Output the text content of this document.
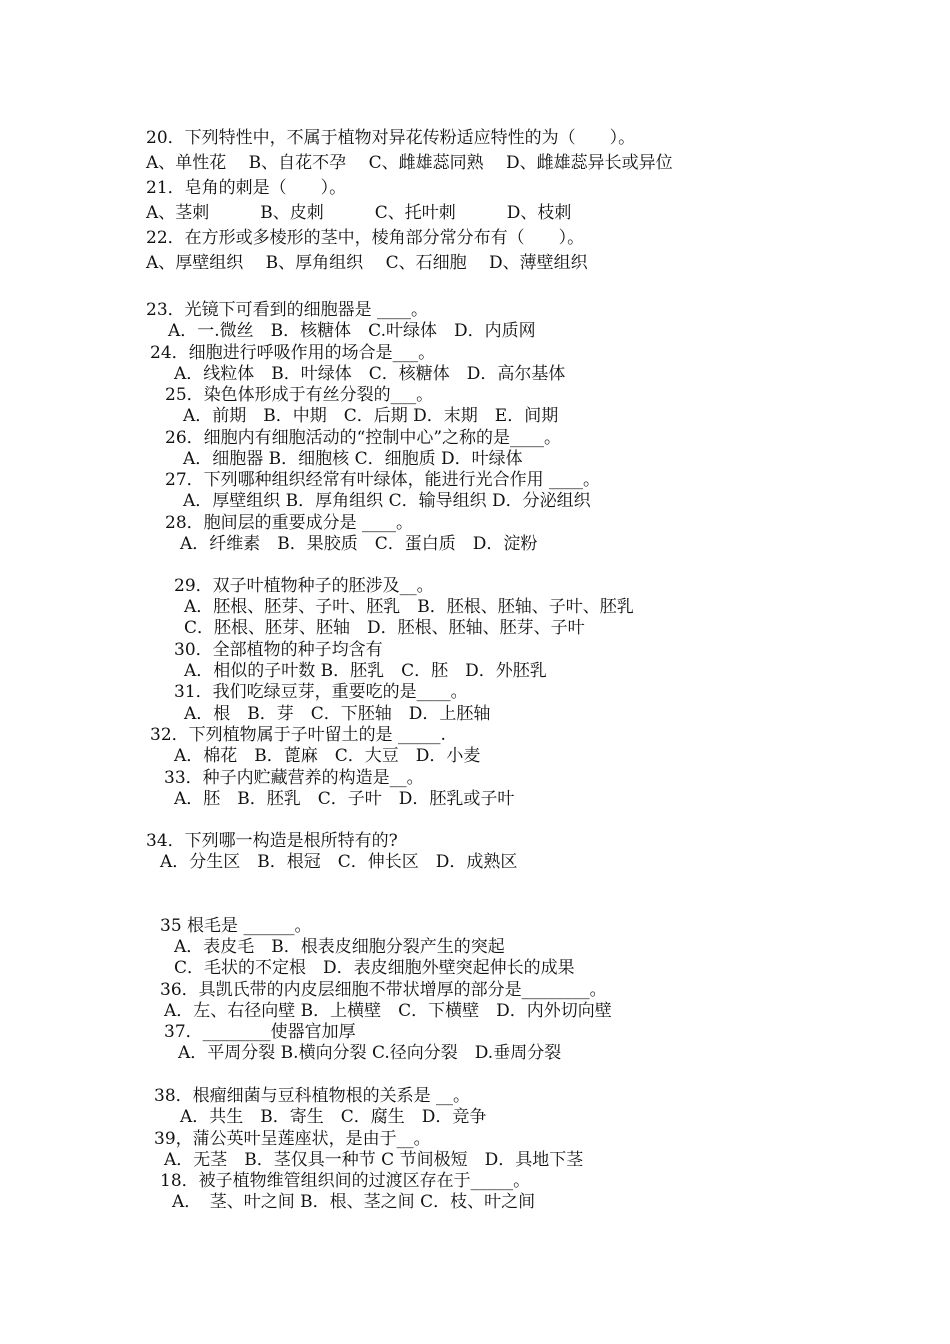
20．下列特性中，不属于植物对异花传粉适应特性的为（　　）。

A、单性花　 B、自花不孕　 C、雌雄蕊同熟　 D、雌雄蕊异长或异位

21．皂角的刺是（　　）。

A、茎刺　　　B、皮刺　　　C、托叶刺　　　D、枝刺

22．在方形或多棱形的茎中，棱角部分常分布有（　　）。

A、厚壁组织　 B、厚角组织　 C、石细胞　 D、薄壁组织

23．光镜下可看到的细胞器是 ____。

A．一.微丝　B．核糖体　C.叶绿体　D．内质网

24．细胞进行呼吸作用的场合是___。

A．线粒体　B．叶绿体　C．核糖体　D．高尔基体

25．染色体形成于有丝分裂的___。

A．前期　B．中期　C．后期 D．末期　E．间期

26．细胞内有细胞活动的“控制中心”之称的是____。

A．细胞器 B．细胞核 C．细胞质 D．叶绿体

27．下列哪种组织经常有叶绿体，能进行光合作用 ____。

A．厚壁组织 B．厚角组织 C．输导组织 D．分泌组织

28．胞间层的重要成分是 ____。

A．纤维素　B．果胶质　C．蛋白质　D．淀粉

29．双子叶植物种子的胚涉及__。

A．胚根、胚芽、子叶、胚乳　B．胚根、胚轴、子叶、胚乳

C．胚根、胚芽、胚轴　D．胚根、胚轴、胚芽、子叶

30．全部植物的种子均含有

A．相似的子叶数 B．胚乳　C．胚　D．外胚乳

31．我们吃绿豆芽，重要吃的是____。

A．根　B．芽　C．下胚轴　D．上胚轴

32．下列植物属于子叶留土的是 _____.

A．棉花　B．蓖麻　C．大豆　D．小麦

33．种子内贮藏营养的构造是__。

A．胚　B．胚乳　C．子叶　D．胚乳或子叶

34．下列哪一构造是根所特有的?

A．分生区　B．根冠　C．伸长区　D．成熟区

35 根毛是 ______。

A．表皮毛　B．根表皮细胞分裂产生的突起

C．毛状的不定根　D．表皮细胞外壁突起伸长的成果

36．具凯氏带的内皮层细胞不带状增厚的部分是________。

A．左、右径向壁 B．上横壁　C．下横壁　D．内外切向壁

37．________使器官加厚

A．平周分裂 B.横向分裂 C.径向分裂　D.垂周分裂

38．根瘤细菌与豆科植物根的关系是 __。

A．共生　B．寄生　C．腐生　D．竞争

39，蒲公英叶呈莲座状，是由于__。

A．无茎　B．茎仅具一种节 C 节间极短　D．具地下茎

18．被子植物维管组织间的过渡区存在于_____。

A．　茎、叶之间 B．根、茎之间 C．枝、叶之间
